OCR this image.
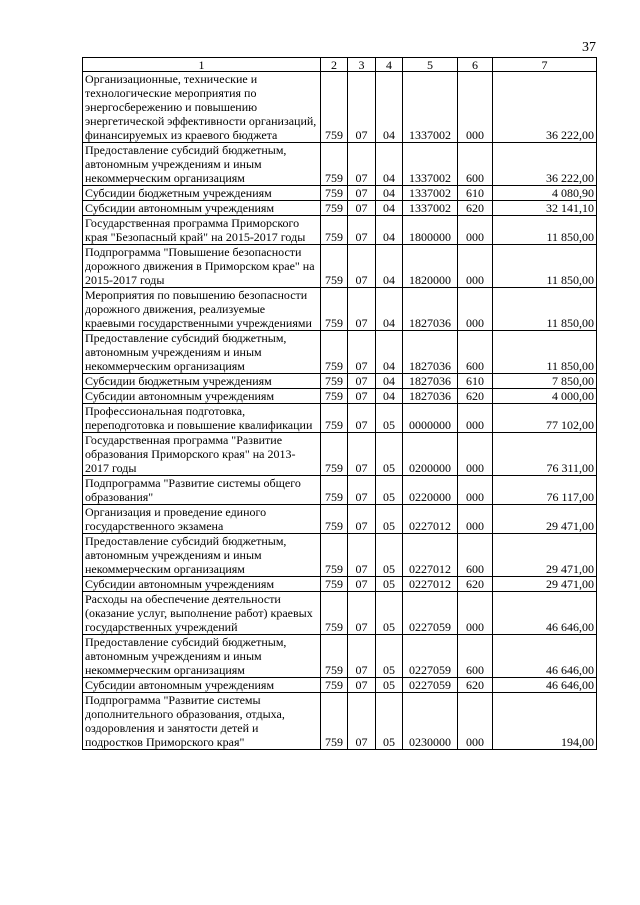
37
1	2	3	4	5	6	7
Организационные, технические и технологические мероприятия по энергосбережению и повышению энергетической эффективности организаций, финансируемых из краевого бюджета	759	07	04	1337002	000	36 222,00
Предоставление субсидий бюджетным, автономным учреждениям и иным некоммерческим организациям	759	07	04	1337002	600	36 222,00
Субсидии бюджетным учреждениям	759	07	04	1337002	610	4 080,90
Субсидии автономным учреждениям	759	07	04	1337002	620	32 141,10
Государственная программа Приморского края "Безопасный край" на 2015-2017 годы	759	07	04	1800000	000	11 850,00
Подпрограмма "Повышение безопасности дорожного движения в Приморском крае" на 2015-2017 годы	759	07	04	1820000	000	11 850,00
Мероприятия по повышению безопасности дорожного движения, реализуемые краевыми государственными учреждениями	759	07	04	1827036	000	11 850,00
Предоставление субсидий бюджетным, автономным учреждениям и иным некоммерческим организациям	759	07	04	1827036	600	11 850,00
Субсидии бюджетным учреждениям	759	07	04	1827036	610	7 850,00
Субсидии автономным учреждениям	759	07	04	1827036	620	4 000,00
Профессиональная подготовка, переподготовка и повышение квалификации	759	07	05	0000000	000	77 102,00
Государственная программа "Развитие образования Приморского края" на 2013-2017 годы	759	07	05	0200000	000	76 311,00
Подпрограмма "Развитие системы общего образования"	759	07	05	0220000	000	76 117,00
Организация и проведение единого государственного экзамена	759	07	05	0227012	000	29 471,00
Предоставление субсидий бюджетным, автономным учреждениям и иным некоммерческим организациям	759	07	05	0227012	600	29 471,00
Субсидии автономным учреждениям	759	07	05	0227012	620	29 471,00
Расходы на обеспечение деятельности (оказание услуг, выполнение работ) краевых государственных учреждений	759	07	05	0227059	000	46 646,00
Предоставление субсидий бюджетным, автономным учреждениям и иным некоммерческим организациям	759	07	05	0227059	600	46 646,00
Субсидии автономным учреждениям	759	07	05	0227059	620	46 646,00
Подпрограмма "Развитие системы дополнительного образования, отдыха, оздоровления и занятости детей и подростков Приморского края"	759	07	05	0230000	000	194,00
